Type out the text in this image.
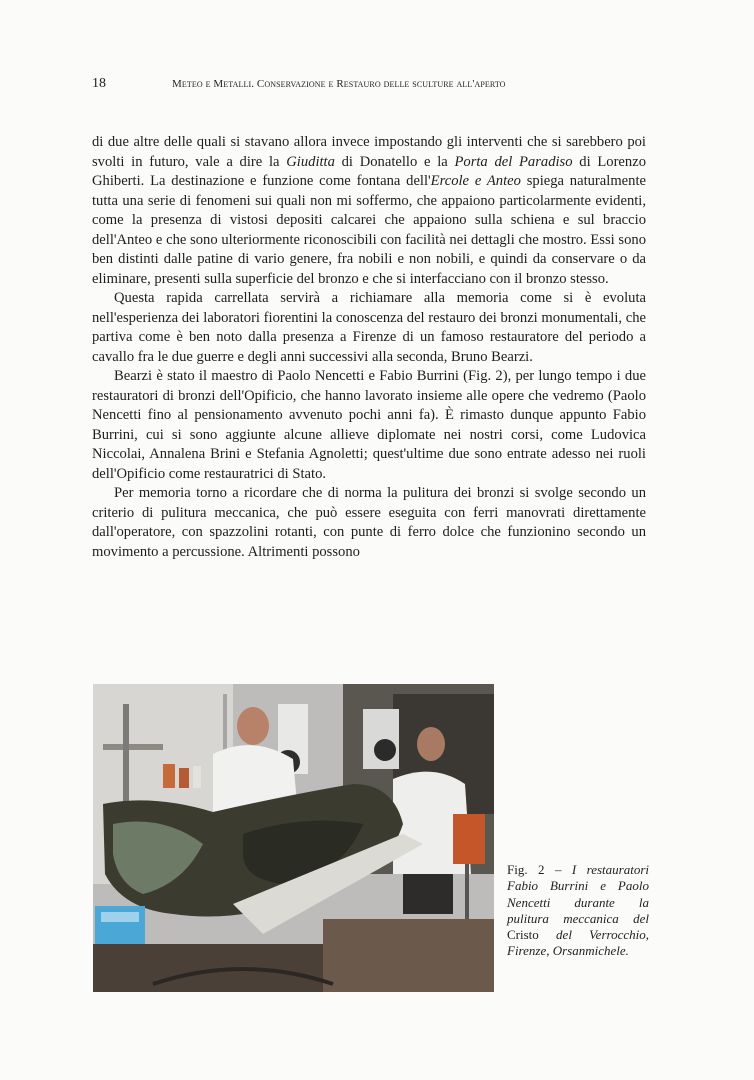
18	Meteo e Metalli. Conservazione e Restauro delle sculture all'aperto

di due altre delle quali si stavano allora invece impostando gli interventi che si sarebbero poi svolti in futuro, vale a dire la Giuditta di Donatello e la Porta del Paradiso di Lorenzo Ghiberti. La destinazione e funzione come fontana dell'Ercole e Anteo spiega naturalmente tutta una serie di fenomeni sui quali non mi soffermo, che appaiono particolarmente evidenti, come la presenza di vistosi depositi calcarei che appaiono sulla schiena e sul braccio dell'Anteo e che sono ulteriormente riconoscibili con facilità nei dettagli che mostro. Essi sono ben distinti dalle patine di vario genere, fra nobili e non nobili, e quindi da conservare o da eliminare, presenti sulla superficie del bronzo e che si interfacciano con il bronzo stesso.

Questa rapida carrellata servirà a richiamare alla memoria come si è evoluta nell'esperienza dei laboratori fiorentini la conoscenza del restauro dei bronzi monumentali, che partiva come è ben noto dalla presenza a Firenze di un famoso restauratore del periodo a cavallo fra le due guerre e degli anni successivi alla seconda, Bruno Bearzi.

Bearzi è stato il maestro di Paolo Nencetti e Fabio Burrini (Fig. 2), per lungo tempo i due restauratori di bronzi dell'Opificio, che hanno lavorato insieme alle opere che vedremo (Paolo Nencetti fino al pensionamento avvenuto pochi anni fa). È rimasto dunque appunto Fabio Burrini, cui si sono aggiunte alcune allieve diplomate nei nostri corsi, come Ludovica Niccolai, Annalena Brini e Stefania Agnoletti; quest'ultime due sono entrate adesso nei ruoli dell'Opificio come restauratrici di Stato.

Per memoria torno a ricordare che di norma la pulitura dei bronzi si svolge secondo un criterio di pulitura meccanica, che può essere eseguita con ferri manovrati direttamente dall'operatore, con spazzolini rotanti, con punte di ferro dolce che funzionino secondo un movimento a percussione. Altrimenti possono

Fig. 2 – I restauratori Fabio Burrini e Paolo Nencetti durante la pulitura meccanica del Cristo del Verrocchio, Firenze, Orsanmichele.
